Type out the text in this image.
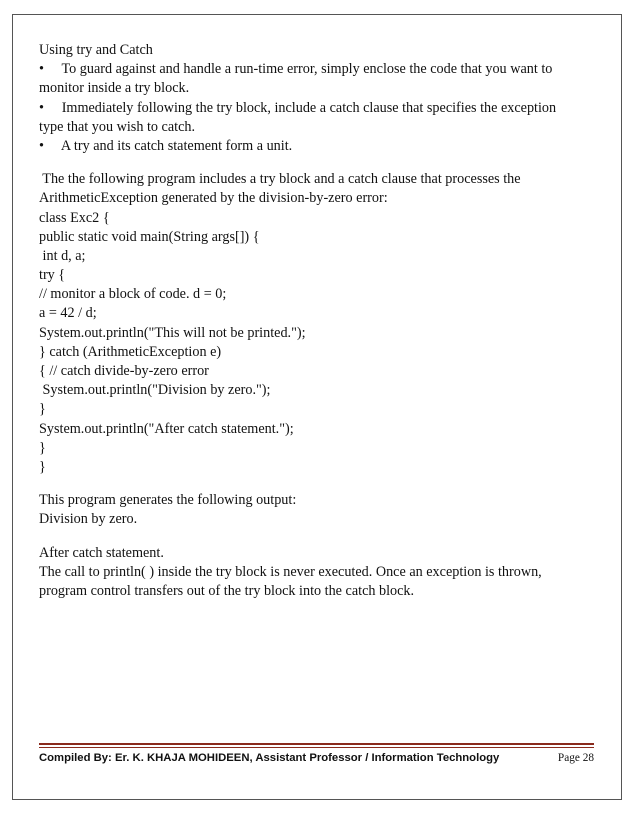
Using try and Catch
• To guard against and handle a run-time error, simply enclose the code that you want to
monitor inside a try block.
• Immediately following the try block, include a catch clause that specifies the exception
type that you wish to catch.
• A try and its catch statement form a unit.
The the following program includes a try block and a catch clause that processes the
ArithmeticException generated by the division-by-zero error:
class Exc2 {
public static void main(String args[]) {
int d, a;
try {
// monitor a block of code. d = 0;
a = 42 / d;
System.out.println("This will not be printed.");
} catch (ArithmeticException e)
{ // catch divide-by-zero error
System.out.println("Division by zero.");
}
System.out.println("After catch statement.");
}
}
This program generates the following output:
Division by zero.
After catch statement.
The call to println( ) inside the try block is never executed. Once an exception is thrown,
program control transfers out of the try block into the catch block.
Compiled By: Er. K. KHAJA MOHIDEEN, Assistant Professor / Information Technology	Page 28
